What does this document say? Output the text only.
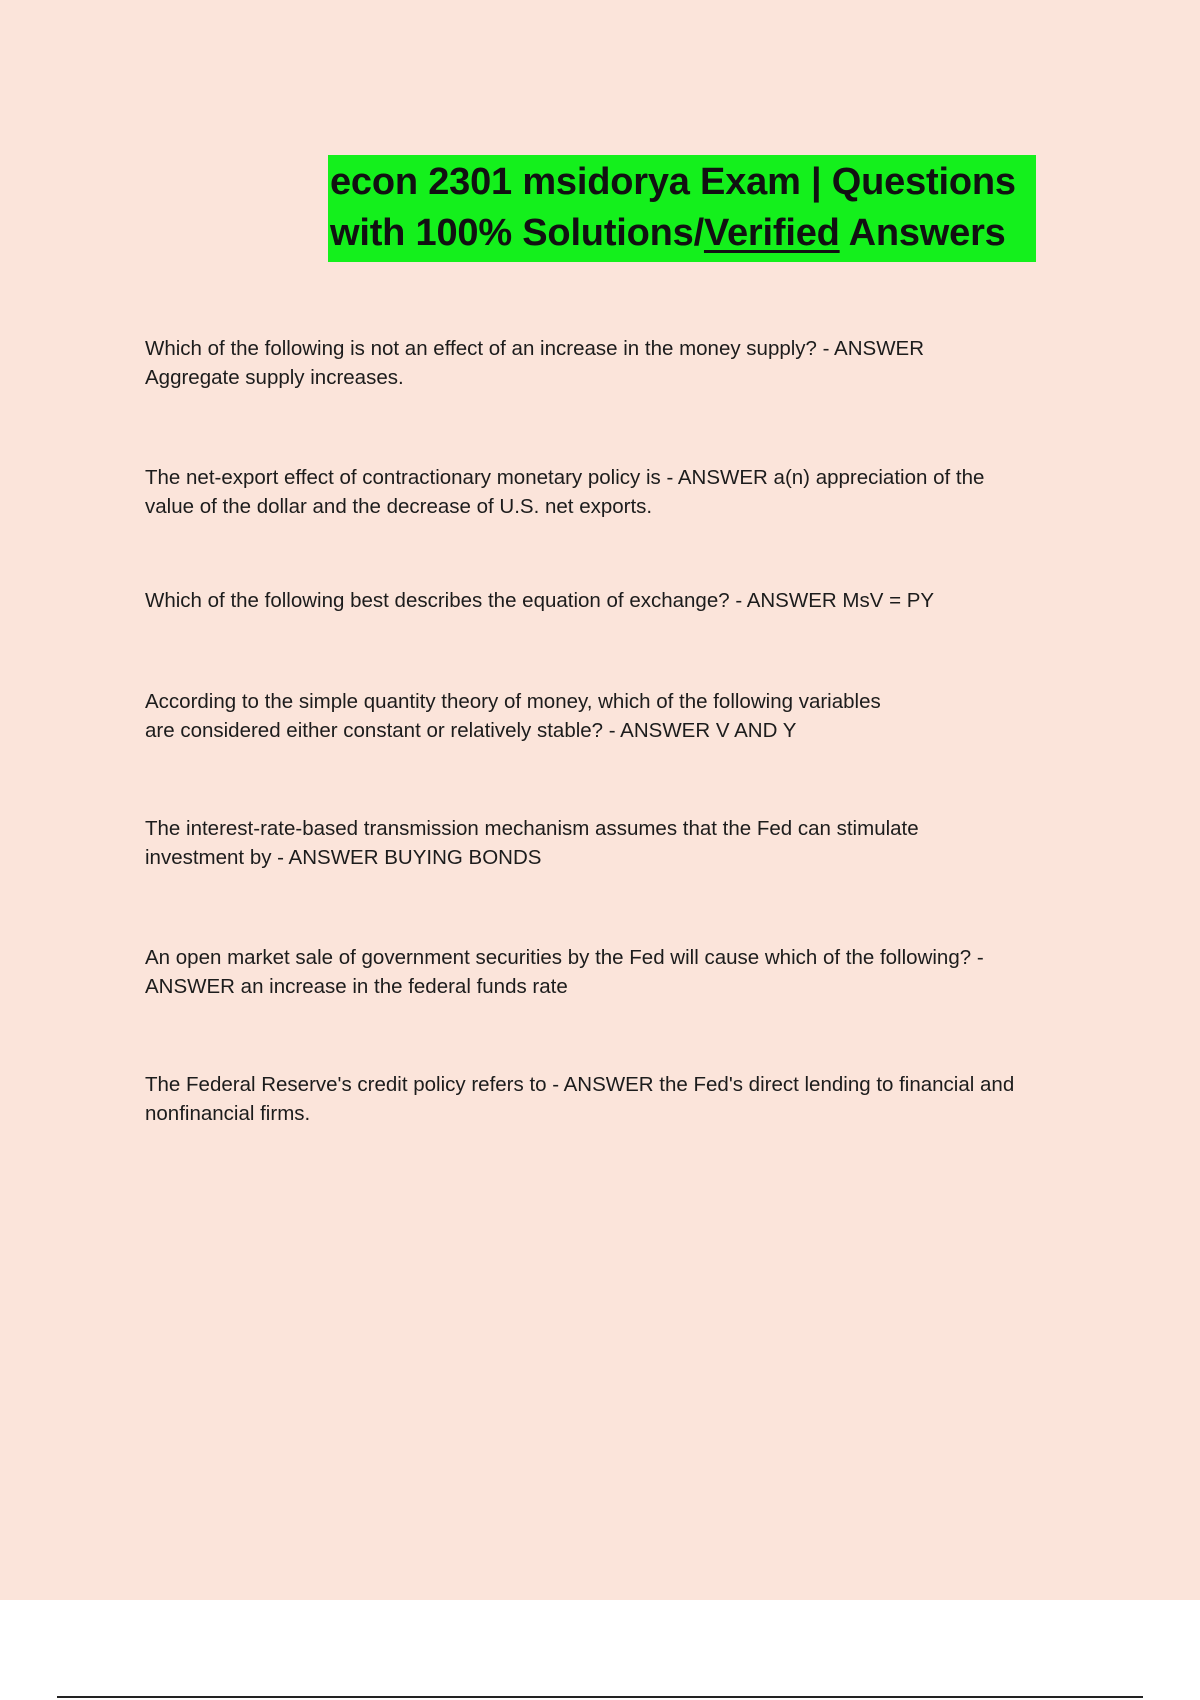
econ 2301 msidorya Exam | Questions
with 100% Solutions/Verified Answers
Which of the following is not an effect of an increase in the money supply? - ANSWER
Aggregate supply increases.
The net-export effect of contractionary monetary policy is - ANSWER a(n) appreciation of the
value of the dollar and the decrease of U.S. net exports.
Which of the following best describes the equation of exchange? - ANSWER MsV = PY
According to the simple quantity theory of money, which of the following variables
are considered either constant or relatively stable? - ANSWER V AND Y
The interest-rate-based transmission mechanism assumes that the Fed can stimulate
investment by - ANSWER BUYING BONDS
An open market sale of government securities by the Fed will cause which of the following? -
ANSWER an increase in the federal funds rate
The Federal Reserve's credit policy refers to - ANSWER the Fed's direct lending to financial and
nonfinancial firms.
